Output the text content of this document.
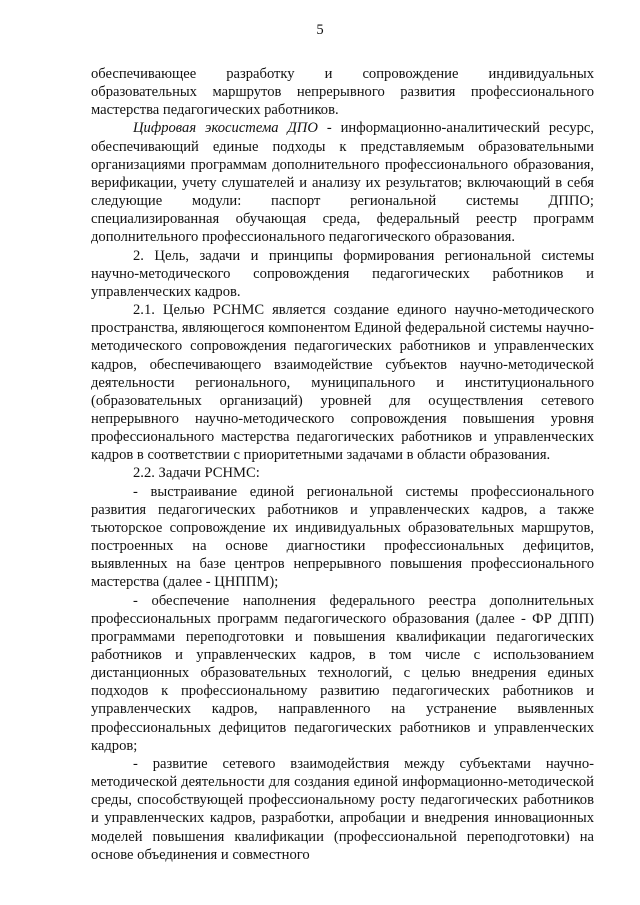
5

обеспечивающее разработку и сопровождение индивидуальных образовательных маршрутов непрерывного развития профессионального мастерства педагогических работников.

Цифровая экосистема ДПО - информационно-аналитический ресурс, обеспечивающий единые подходы к представляемым образовательными организациями программам дополнительного профессионального образования, верификации, учету слушателей и анализу их результатов; включающий в себя следующие модули: паспорт региональной системы ДППО; специализированная обучающая среда, федеральный реестр программ дополнительного профессионального педагогического образования.

2. Цель, задачи и принципы формирования региональной системы научно-методического сопровождения педагогических работников и управленческих кадров.

2.1. Целью РСНМС является создание единого научно-методического пространства, являющегося компонентом Единой федеральной системы научно-методического сопровождения педагогических работников и управленческих кадров, обеспечивающего взаимодействие субъектов научно-методической деятельности регионального, муниципального и институционального (образовательных организаций) уровней для осуществления сетевого непрерывного научно-методического сопровождения повышения уровня профессионального мастерства педагогических работников и управленческих кадров в соответствии с приоритетными задачами в области образования.

2.2. Задачи РСНМС:

- выстраивание единой региональной системы профессионального развития педагогических работников и управленческих кадров, а также тьюторское сопровождение их индивидуальных образовательных маршрутов, построенных на основе диагностики профессиональных дефицитов, выявленных на базе центров непрерывного повышения профессионального мастерства (далее - ЦНППМ);

- обеспечение наполнения федерального реестра дополнительных профессиональных программ педагогического образования (далее - ФР ДПП) программами переподготовки и повышения квалификации педагогических работников и управленческих кадров, в том числе с использованием дистанционных образовательных технологий, с целью внедрения единых подходов к профессиональному развитию педагогических работников и управленческих кадров, направленного на устранение выявленных профессиональных дефицитов педагогических работников и управленческих кадров;

- развитие сетевого взаимодействия между субъектами научно-методической деятельности для создания единой информационно-методической среды, способствующей профессиональному росту педагогических работников и управленческих кадров, разработки, апробации и внедрения инновационных моделей повышения квалификации (профессиональной переподготовки) на основе объединения и совместного
